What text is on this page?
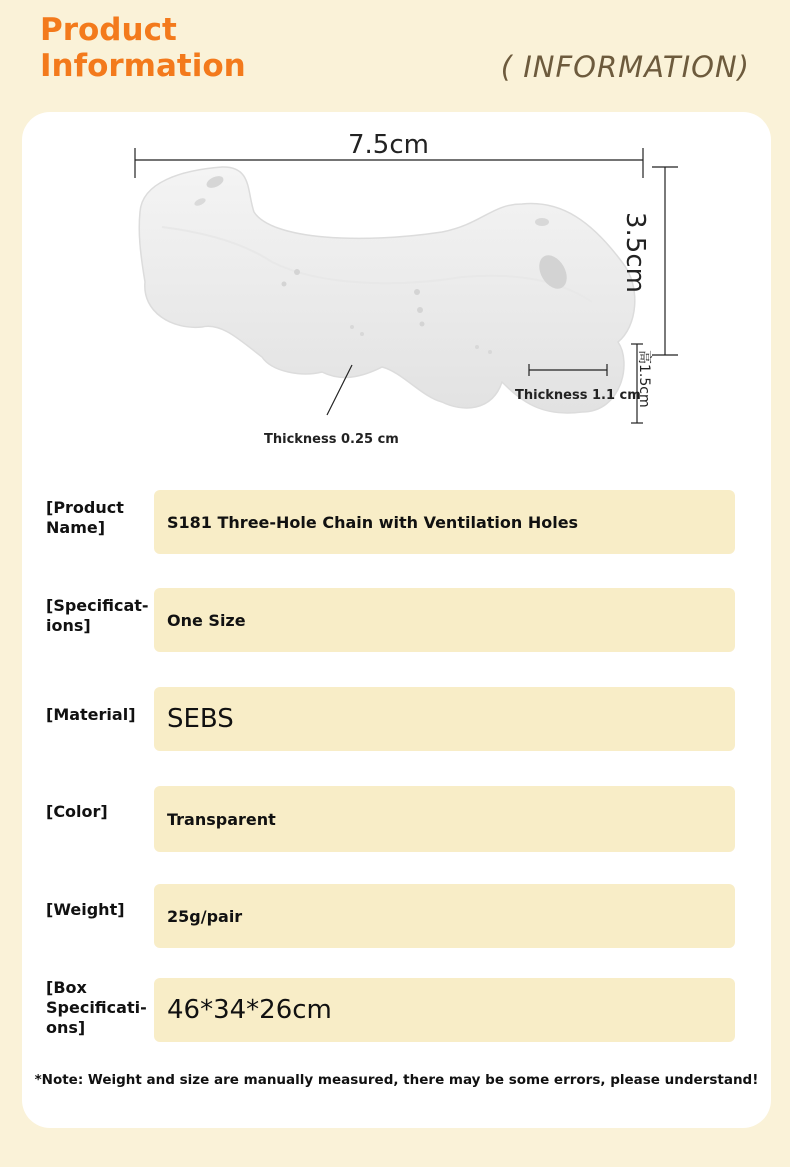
Product
Information	( INFORMATION)
7.5cm
3.5cm
高1.5cm
Thickness 1.1 cm
Thickness 0.25 cm
[Product Name]	S181 Three-Hole Chain with Ventilation Holes
[Specificat-ions]	One Size
[Material]	SEBS
[Color]	Transparent
[Weight]	25g/pair
[Box Specificati-ons]
46*34*26cm
*Note: Weight and size are manually measured, there may be some errors, please understand!
